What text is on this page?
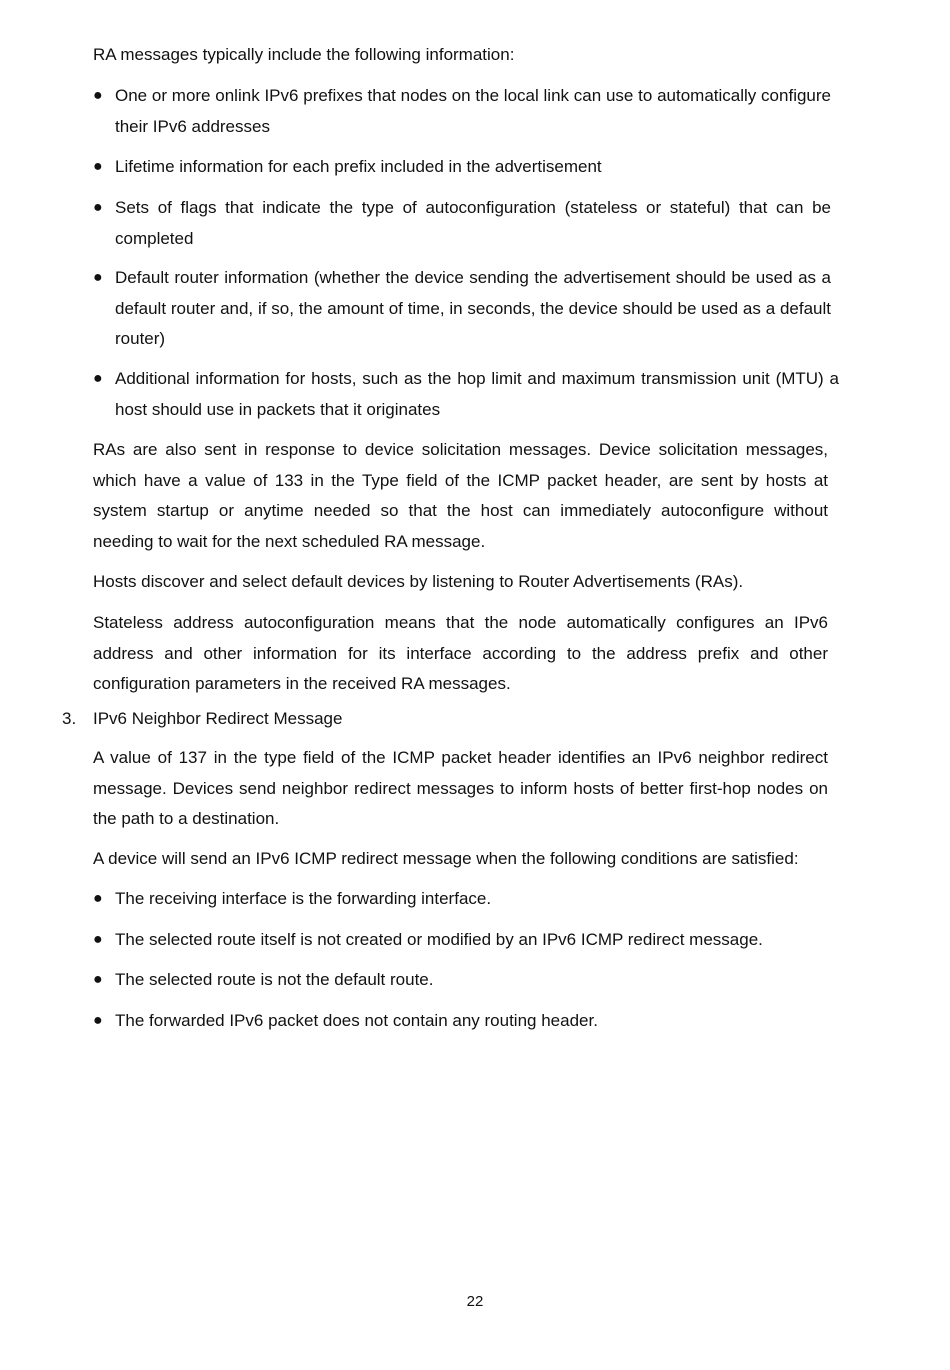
RA messages typically include the following information:

● One or more onlink IPv6 prefixes that nodes on the local link can use to automatically configure their IPv6 addresses

● Lifetime information for each prefix included in the advertisement

● Sets of flags that indicate the type of autoconfiguration (stateless or stateful) that can be completed

● Default router information (whether the device sending the advertisement should be used as a default router and, if so, the amount of time, in seconds, the device should be used as a default router)

● Additional information for hosts, such as the hop limit and maximum transmission unit (MTU) a host should use in packets that it originates

RAs are also sent in response to device solicitation messages. Device solicitation messages, which have a value of 133 in the Type field of the ICMP packet header, are sent by hosts at system startup or anytime needed so that the host can immediately autoconfigure without needing to wait for the next scheduled RA message.

Hosts discover and select default devices by listening to Router Advertisements (RAs).

Stateless address autoconfiguration means that the node automatically configures an IPv6 address and other information for its interface according to the address prefix and other configuration parameters in the received RA messages.

3. IPv6 Neighbor Redirect Message

A value of 137 in the type field of the ICMP packet header identifies an IPv6 neighbor redirect message. Devices send neighbor redirect messages to inform hosts of better first-hop nodes on the path to a destination.

A device will send an IPv6 ICMP redirect message when the following conditions are satisfied:

● The receiving interface is the forwarding interface.

● The selected route itself is not created or modified by an IPv6 ICMP redirect message.

● The selected route is not the default route.

● The forwarded IPv6 packet does not contain any routing header.

22
